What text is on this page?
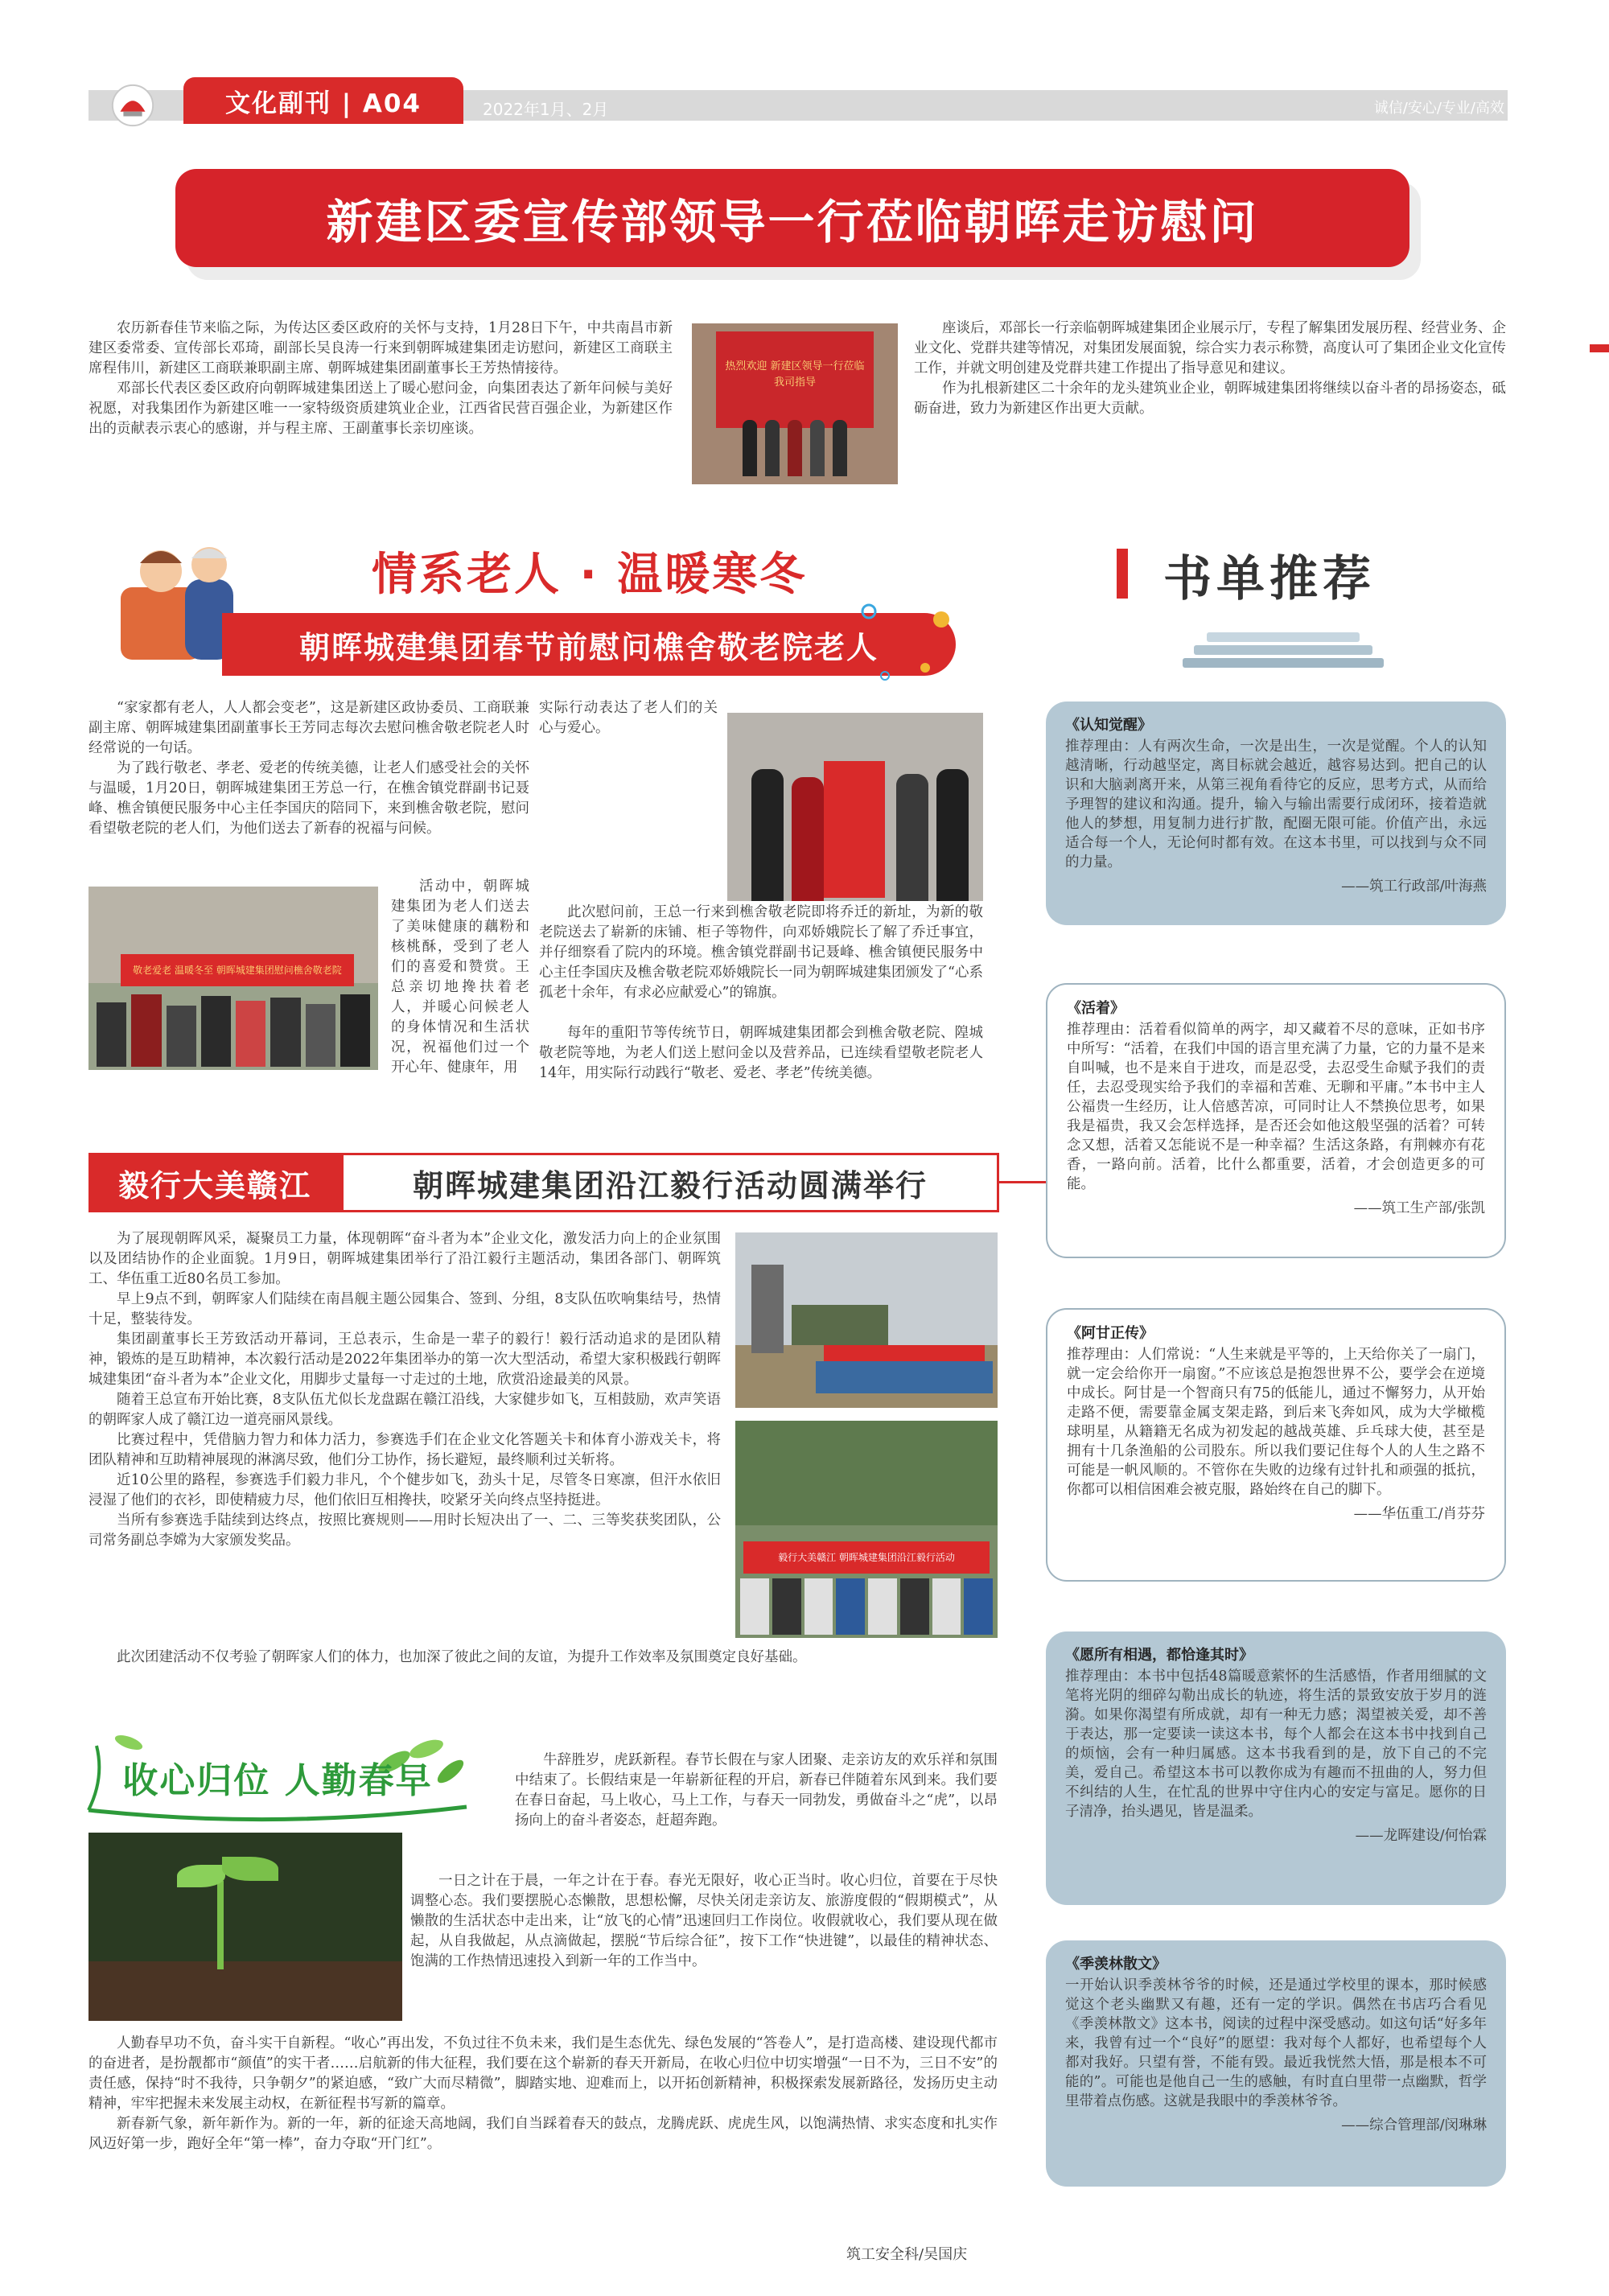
文化副刊 | A04	2022年1月、2月	诚信/安心/专业/高效
新建区委宣传部领导一行莅临朝晖走访慰问

农历新春佳节来临之际，为传达区委区政府的关怀与支持，1月28日下午，中共南昌市新建区委常委、宣传部长邓琦，副部长吴良涛一行来到朝晖城建集团走访慰问，新建区工商联主席程伟川，新建区工商联兼职副主席、朝晖城建集团副董事长王芳热情接待。

邓部长代表区委区政府向朝晖城建集团送上了暖心慰问金，向集团表达了新年问候与美好祝愿，对我集团作为新建区唯一一家特级资质建筑业企业，江西省民营百强企业，为新建区作出的贡献表示衷心的感谢，并与程主席、王副董事长亲切座谈。

热烈欢迎 新建区领导一行莅临我司指导

座谈后，邓部长一行亲临朝晖城建集团企业展示厅，专程了解集团发展历程、经营业务、企业文化、党群共建等情况，对集团发展面貌，综合实力表示称赞，高度认可了集团企业文化宣传工作，并就文明创建及党群共建工作提出了指导意见和建议。

作为扎根新建区二十余年的龙头建筑业企业，朝晖城建集团将继续以奋斗者的昂扬姿态，砥砺奋进，致力为新建区作出更大贡献。

情系老人 · 温暖寒冬
朝晖城建集团春节前慰问樵舍敬老院老人

“家家都有老人，人人都会变老”，这是新建区政协委员、工商联兼副主席、朝晖城建集团副董事长王芳同志每次去慰问樵舍敬老院老人时经常说的一句话。

为了践行敬老、孝老、爱老的传统美德，让老人们感受社会的关怀与温暖，1月20日，朝晖城建集团王芳总一行，在樵舍镇党群副书记聂峰、樵舍镇便民服务中心主任李国庆的陪同下，来到樵舍敬老院，慰问看望敬老院的老人们，为他们送去了新春的祝福与问候。

敬老爱老 温暖冬至 朝晖城建集团慰问樵舍敬老院
活动中，朝晖城建集团为老人们送去了美味健康的藕粉和核桃酥，受到了老人们的喜爱和赞赏。王总亲切地搀扶着老人，并暖心问候老人的身体情况和生活状况，祝福他们过一个开心年、健康年，用
实际行动表达了老人们的关心与爱心。
此次慰问前，王总一行来到樵舍敬老院即将乔迁的新址，为新的敬老院送去了崭新的床铺、柜子等物件，向邓娇娥院长了解了乔迁事宜，并仔细察看了院内的环境。樵舍镇党群副书记聂峰、樵舍镇便民服务中心主任李国庆及樵舍敬老院邓娇娥院长一同为朝晖城建集团颁发了“心系孤老十余年，有求必应献爱心”的锦旗。
每年的重阳节等传统节日，朝晖城建集团都会到樵舍敬老院、隍城敬老院等地，为老人们送上慰问金以及营养品，已连续看望敬老院老人14年，用实际行动践行“敬老、爱老、孝老”传统美德。
毅行大美赣江	朝晖城建集团沿江毅行活动圆满举行

为了展现朝晖风采，凝聚员工力量，体现朝晖“奋斗者为本”企业文化，激发活力向上的企业氛围以及团结协作的企业面貌。1月9日，朝晖城建集团举行了沿江毅行主题活动，集团各部门、朝晖筑工、华伍重工近80名员工参加。

早上9点不到，朝晖家人们陆续在南昌舰主题公园集合、签到、分组，8支队伍吹响集结号，热情十足，整装待发。

集团副董事长王芳致活动开幕词，王总表示，生命是一辈子的毅行！毅行活动追求的是团队精神，锻炼的是互助精神，本次毅行活动是2022年集团举办的第一次大型活动，希望大家积极践行朝晖城建集团“奋斗者为本”企业文化，用脚步丈量每一寸走过的土地，欣赏沿途最美的风景。

随着王总宣布开始比赛，8支队伍尤似长龙盘踞在赣江沿线，大家健步如飞，互相鼓励，欢声笑语的朝晖家人成了赣江边一道亮丽风景线。

比赛过程中，凭借脑力智力和体力活力，参赛选手们在企业文化答题关卡和体育小游戏关卡，将团队精神和互助精神展现的淋漓尽致，他们分工协作，扬长避短，最终顺利过关斩将。

近10公里的路程，参赛选手们毅力非凡，个个健步如飞，劲头十足，尽管冬日寒凛，但汗水依旧浸湿了他们的衣衫，即使精疲力尽，他们依旧互相搀扶，咬紧牙关向终点坚持挺进。

当所有参赛选手陆续到达终点，按照比赛规则——用时长短决出了一、二、三等奖获奖团队，公司常务副总李嫦为大家颁发奖品。

此次团建活动不仅考验了朝晖家人们的体力，也加深了彼此之间的友谊，为提升工作效率及氛围奠定良好基础。
毅行大美赣江 朝晖城建集团沿江毅行活动
收心归位 人勤春早	牛辞胜岁，虎跃新程。春节长假在与家人团聚、走亲访友的欢乐祥和氛围中结束了。长假结束是一年崭新征程的开启，新春已伴随着东风到来。我们要在春日奋起，马上收心，马上工作，与春天一同勃发，勇做奋斗之“虎”，以昂扬向上的奋斗者姿态，赶超奔跑。
一日之计在于晨，一年之计在于春。春光无限好，收心正当时。收心归位，首要在于尽快调整心态。我们要摆脱心态懒散，思想松懈，尽快关闭走亲访友、旅游度假的“假期模式”，从懒散的生活状态中走出来，让“放飞的心情”迅速回归工作岗位。收假就收心，我们要从现在做起，从自我做起，从点滴做起，摆脱“节后综合征”，按下工作“快进键”，以最佳的精神状态、饱满的工作热情迅速投入到新一年的工作当中。

人勤春早功不负，奋斗实干自新程。“收心”再出发，不负过往不负未来，我们是生态优先、绿色发展的“答卷人”，是打造高楼、建设现代都市的奋进者，是扮靓都市“颜值”的实干者……启航新的伟大征程，我们要在这个崭新的春天开新局，在收心归位中切实增强“一日不为，三日不安”的责任感，保持“时不我待，只争朝夕”的紧迫感，“致广大而尽精微”，脚踏实地、迎难而上，以开拓创新精神，积极探索发展新路径，发扬历史主动精神，牢牢把握未来发展主动权，在新征程书写新的篇章。

新春新气象，新年新作为。新的一年，新的征途天高地阔，我们自当踩着春天的鼓点，龙腾虎跃、虎虎生风，以饱满热情、求实态度和扎实作风迈好第一步，跑好全年“第一棒”，奋力夺取“开门红”。

筑工安全科/吴国庆
书单推荐
《认知觉醒》
推荐理由：人有两次生命，一次是出生，一次是觉醒。个人的认知越清晰，行动越坚定，离目标就会越近，越容易达到。把自己的认识和大脑剥离开来，从第三视角看待它的反应，思考方式，从而给予理智的建议和沟通。提升，输入与输出需要行成闭环，接着造就他人的梦想，用复制力进行扩散，配圈无限可能。价值产出，永远适合每一个人，无论何时都有效。在这本书里，可以找到与众不同的力量。
——筑工行政部/叶海燕
《活着》
推荐理由：活着看似简单的两字，却又藏着不尽的意味，正如书序中所写：“活着，在我们中国的语言里充满了力量，它的力量不是来自叫喊，也不是来自于进攻，而是忍受，去忍受生命赋予我们的责任，去忍受现实给予我们的幸福和苦难、无聊和平庸。”本书中主人公福贵一生经历，让人倍感苦凉，可同时让人不禁换位思考，如果我是福贵，我又会怎样选择，是否还会如他这般坚强的活着？可转念又想，活着又怎能说不是一种幸福？生活这条路，有荆棘亦有花香，一路向前。活着，比什么都重要，活着，才会创造更多的可能。
——筑工生产部/张凯
《阿甘正传》
推荐理由：人们常说：“人生来就是平等的，上天给你关了一扇门，就一定会给你开一扇窗。”不应该总是抱怨世界不公，要学会在逆境中成长。阿甘是一个智商只有75的低能儿，通过不懈努力，从开始走路不便，需要靠金属支架走路，到后来飞奔如风，成为大学橄榄球明星，从籍籍无名成为初发起的越战英雄、乒乓球大使，甚至是拥有十几条渔船的公司股东。所以我们要记住每个人的人生之路不可能是一帆风顺的。不管你在失败的边缘有过针扎和顽强的抵抗，你都可以相信困难会被克服，路始终在自己的脚下。
——华伍重工/肖芬芬
《愿所有相遇，都恰逢其时》
推荐理由：本书中包括48篇暖意萦怀的生活感悟，作者用细腻的文笔将光阴的细碎勾勒出成长的轨迹，将生活的景致安放于岁月的涟漪。如果你渴望有所成就，却有一种无力感；渴望被关爱，却不善于表达，那一定要读一读这本书，每个人都会在这本书中找到自己的烦恼，会有一种归属感。这本书我看到的是，放下自己的不完美，爱自己。希望这本书可以教你成为有趣而不扭曲的人，努力但不纠结的人生，在忙乱的世界中守住内心的安定与富足。愿你的日子清净，抬头遇见，皆是温柔。
——龙晖建设/何怡霖
《季羡林散文》
一开始认识季羡林爷爷的时候，还是通过学校里的课本，那时候感觉这个老头幽默又有趣，还有一定的学识。偶然在书店巧合看见《季羡林散文》这本书，阅读的过程中深受感动。如这句话“好多年来，我曾有过一个“良好”的愿望：我对每个人都好，也希望每个人都对我好。只望有誉，不能有毁。最近我恍然大悟，那是根本不可能的”。可能也是他自己一生的感触，有时直白里带一点幽默，哲学里带着点伤感。这就是我眼中的季羡林爷爷。
——综合管理部/闵琳琳
